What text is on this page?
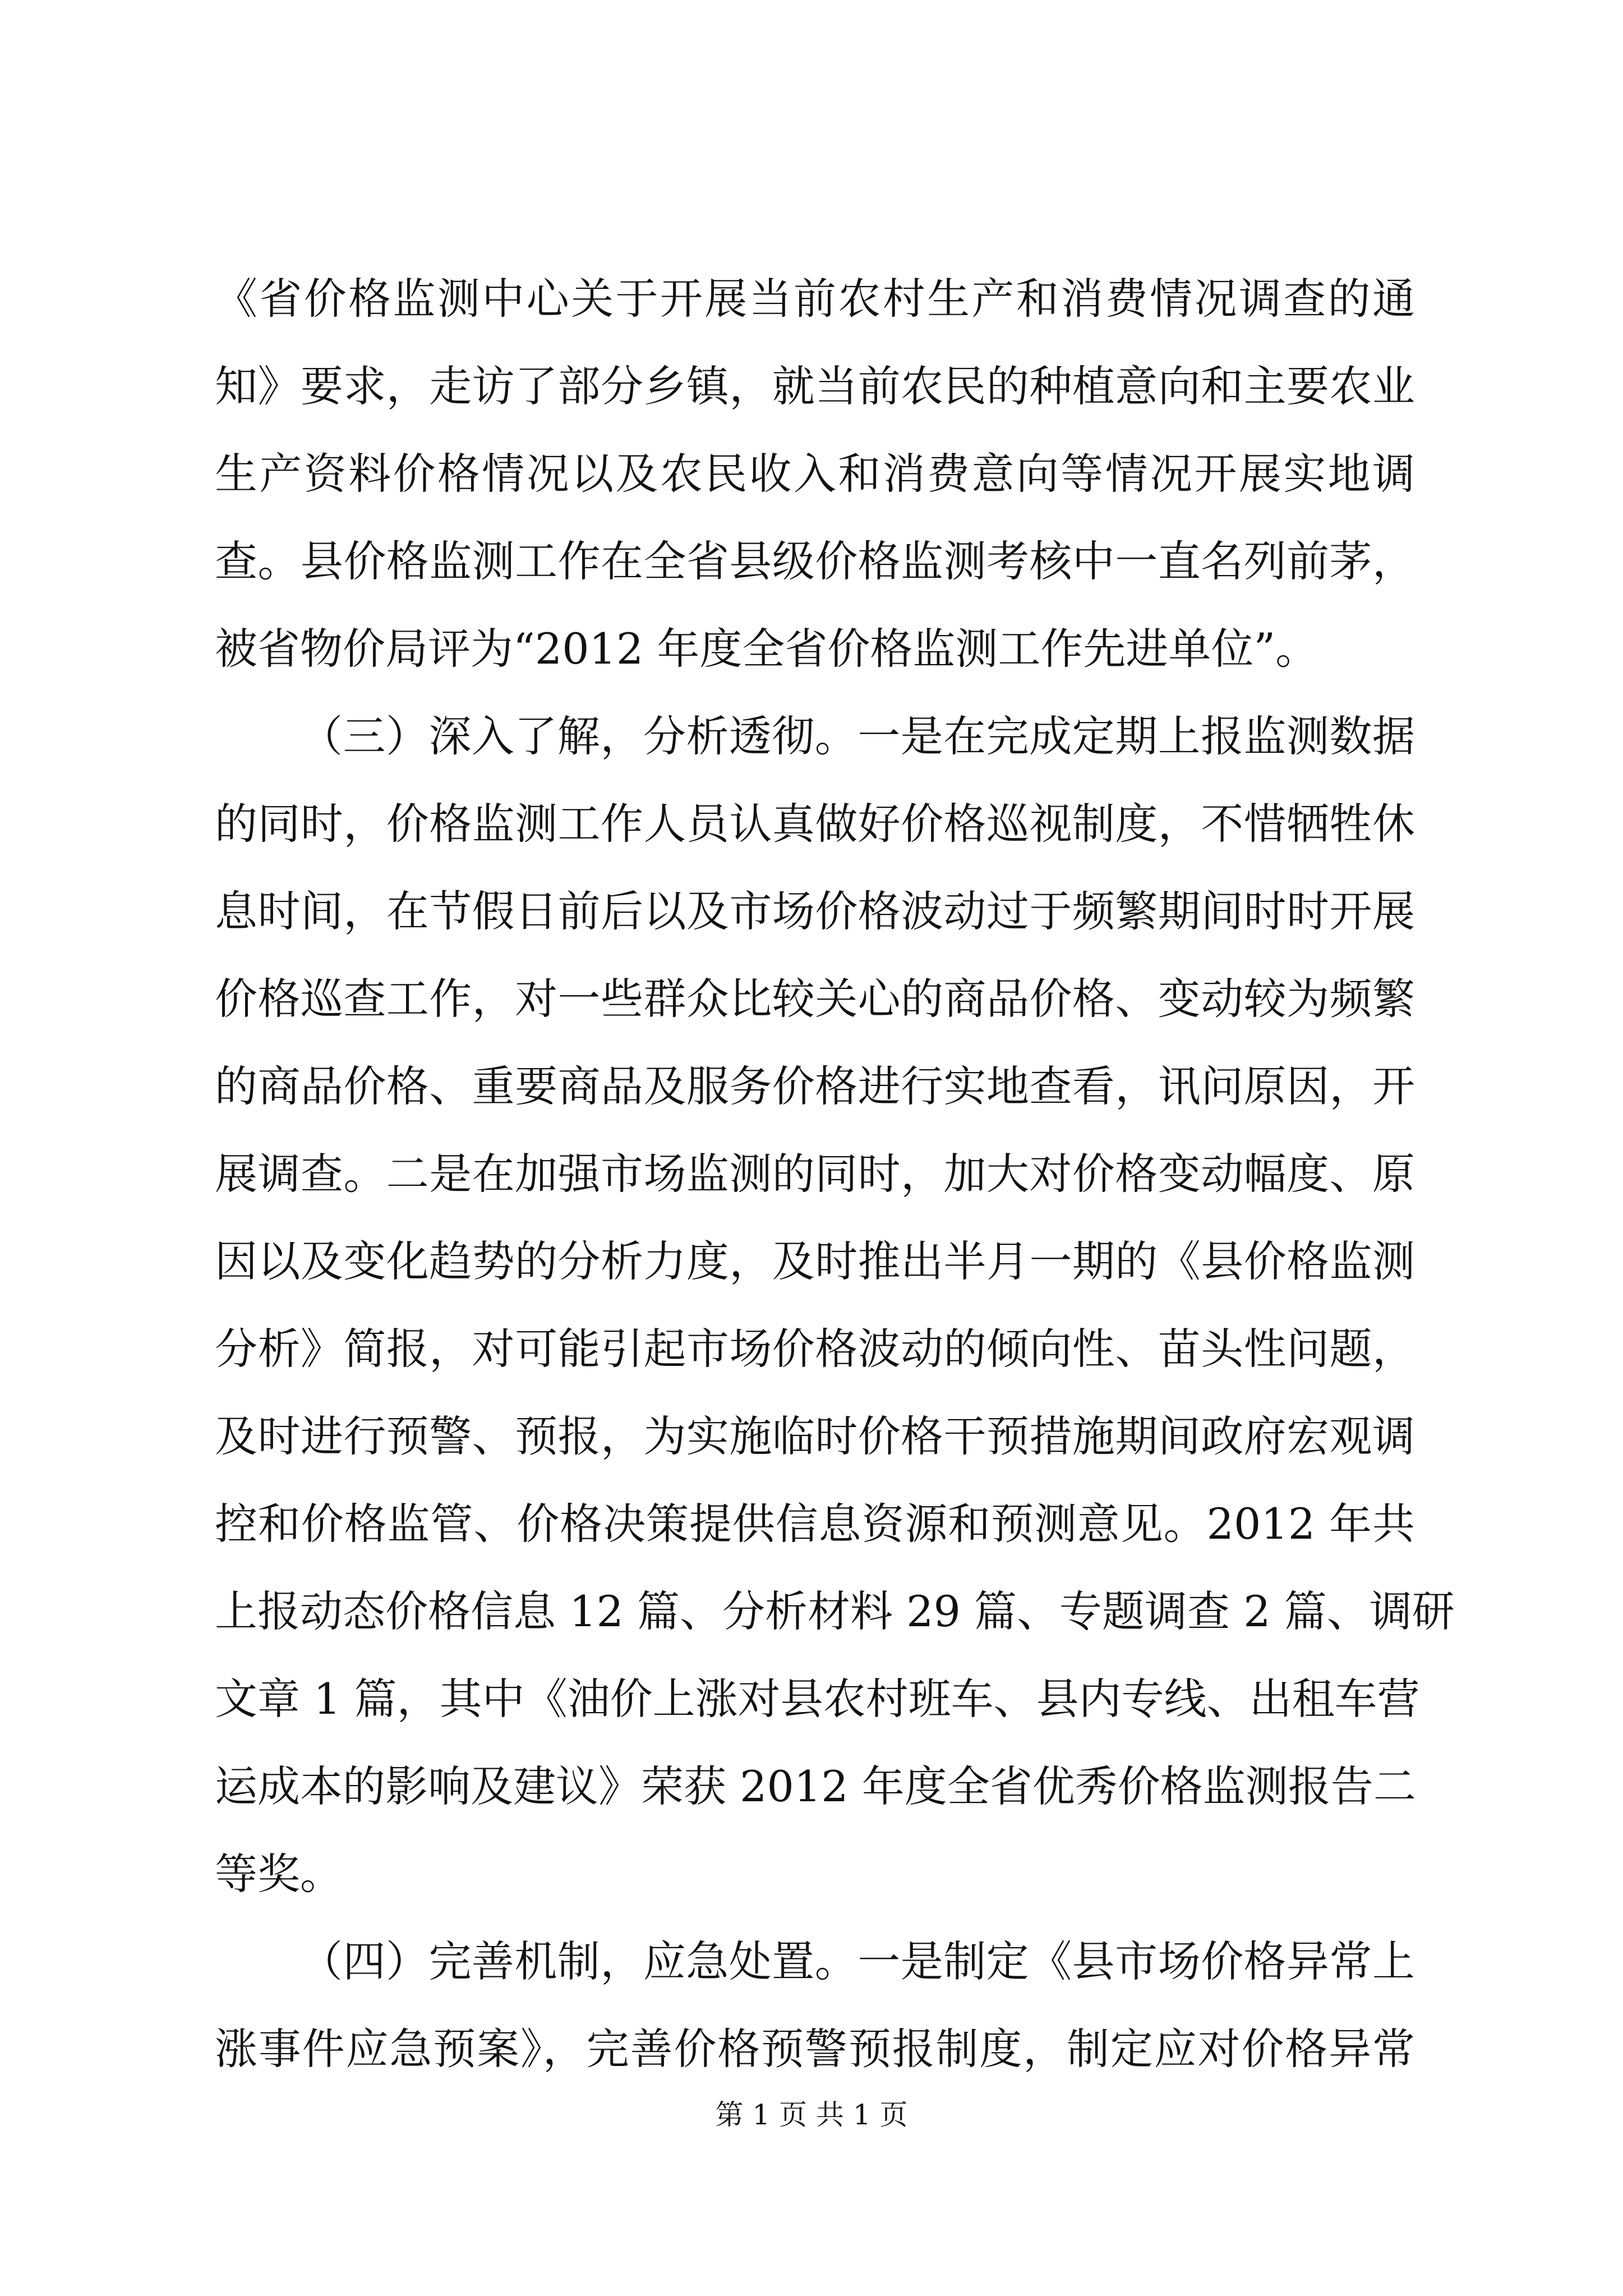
《省价格监测中心关于开展当前农村生产和消费情况调查的通
知》要求，走访了部分乡镇，就当前农民的种植意向和主要农业
生产资料价格情况以及农民收入和消费意向等情况开展实地调
查。县价格监测工作在全省县级价格监测考核中一直名列前茅，
被省物价局评为“2012 年度全省价格监测工作先进单位”。
（三）深入了解，分析透彻。一是在完成定期上报监测数据
的同时，价格监测工作人员认真做好价格巡视制度，不惜牺牲休
息时间，在节假日前后以及市场价格波动过于频繁期间时时开展
价格巡查工作，对一些群众比较关心的商品价格、变动较为频繁
的商品价格、重要商品及服务价格进行实地查看，讯问原因，开
展调查。二是在加强市场监测的同时，加大对价格变动幅度、原
因以及变化趋势的分析力度，及时推出半月一期的《县价格监测
分析》简报，对可能引起市场价格波动的倾向性、苗头性问题，
及时进行预警、预报，为实施临时价格干预措施期间政府宏观调
控和价格监管、价格决策提供信息资源和预测意见。2012 年共
上报动态价格信息 12 篇、分析材料 29 篇、专题调查 2 篇、调研
文章 1 篇，其中《油价上涨对县农村班车、县内专线、出租车营
运成本的影响及建议》荣获 2012 年度全省优秀价格监测报告二
等奖。
（四）完善机制，应急处置。一是制定《县市场价格异常上
涨事件应急预案》，完善价格预警预报制度，制定应对价格异常
第 1 页 共 1 页
